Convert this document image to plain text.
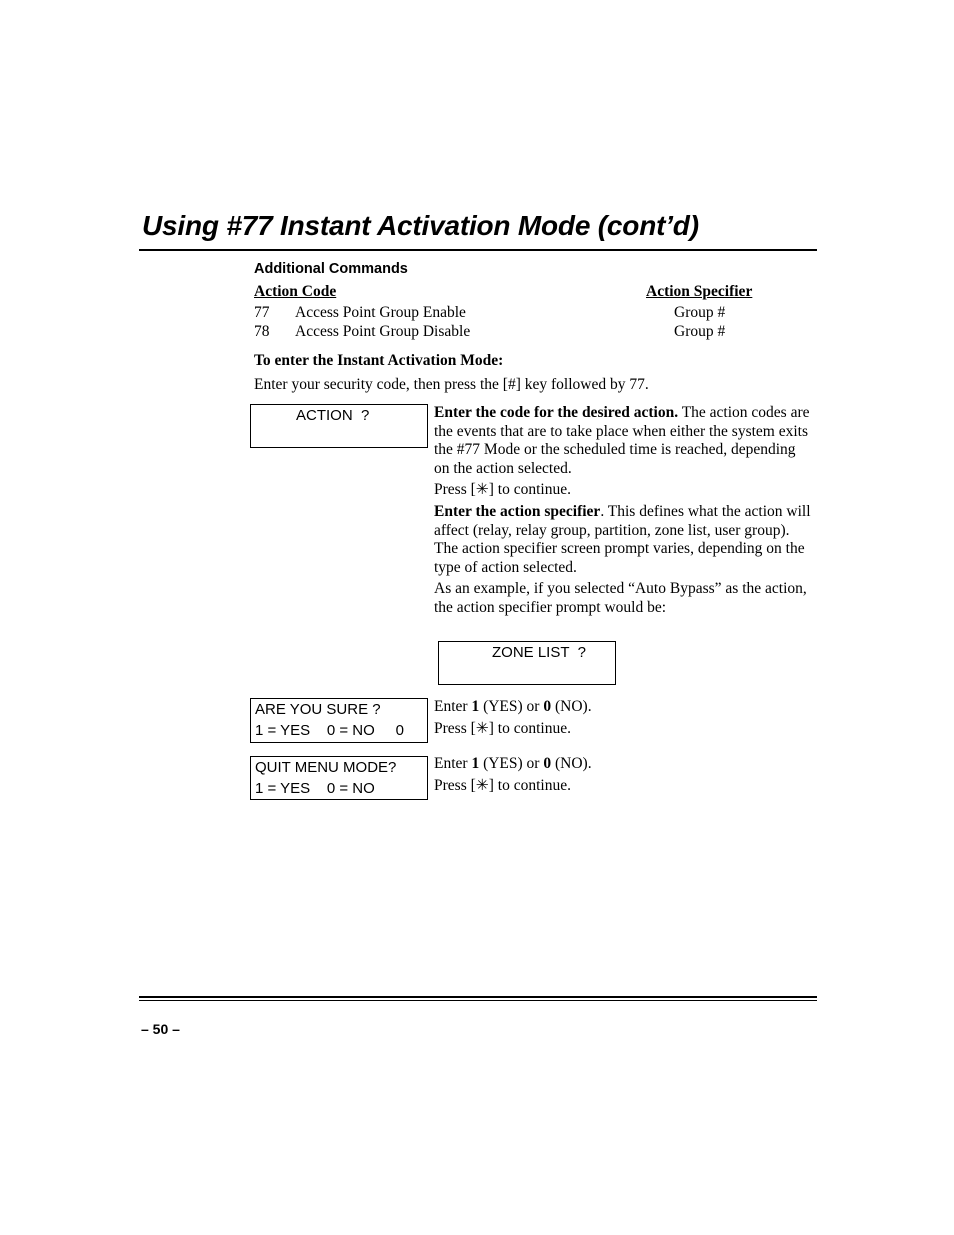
Using #77 Instant Activation Mode (cont’d)
Additional Commands
Action Code	Action Specifier
77 Access Point Group Enable	Group #
78 Access Point Group Disable	Group #
To enter the Instant Activation Mode:
Enter your security code, then press the [#] key followed by 77.
ACTION  ?	Enter the code for the desired action. The action codes are the events that are to take place when either the system exits the #77 Mode or the scheduled time is reached, depending on the action selected.

Press [✳] to continue.

Enter the action specifier. This defines what the action will affect (relay, relay group, partition, zone list, user group). The action specifier screen prompt varies, depending on the type of action selected.

As an example, if you selected “Auto Bypass” as the action, the action specifier prompt would be:

ZONE LIST  ?
ARE YOU SURE ?
1 = YES    0 = NO     0

Enter 1 (YES) or 0 (NO).

Press [✳] to continue.

QUIT MENU MODE?
1 = YES    0 = NO

Enter 1 (YES) or 0 (NO).

Press [✳] to continue.

– 50 –
